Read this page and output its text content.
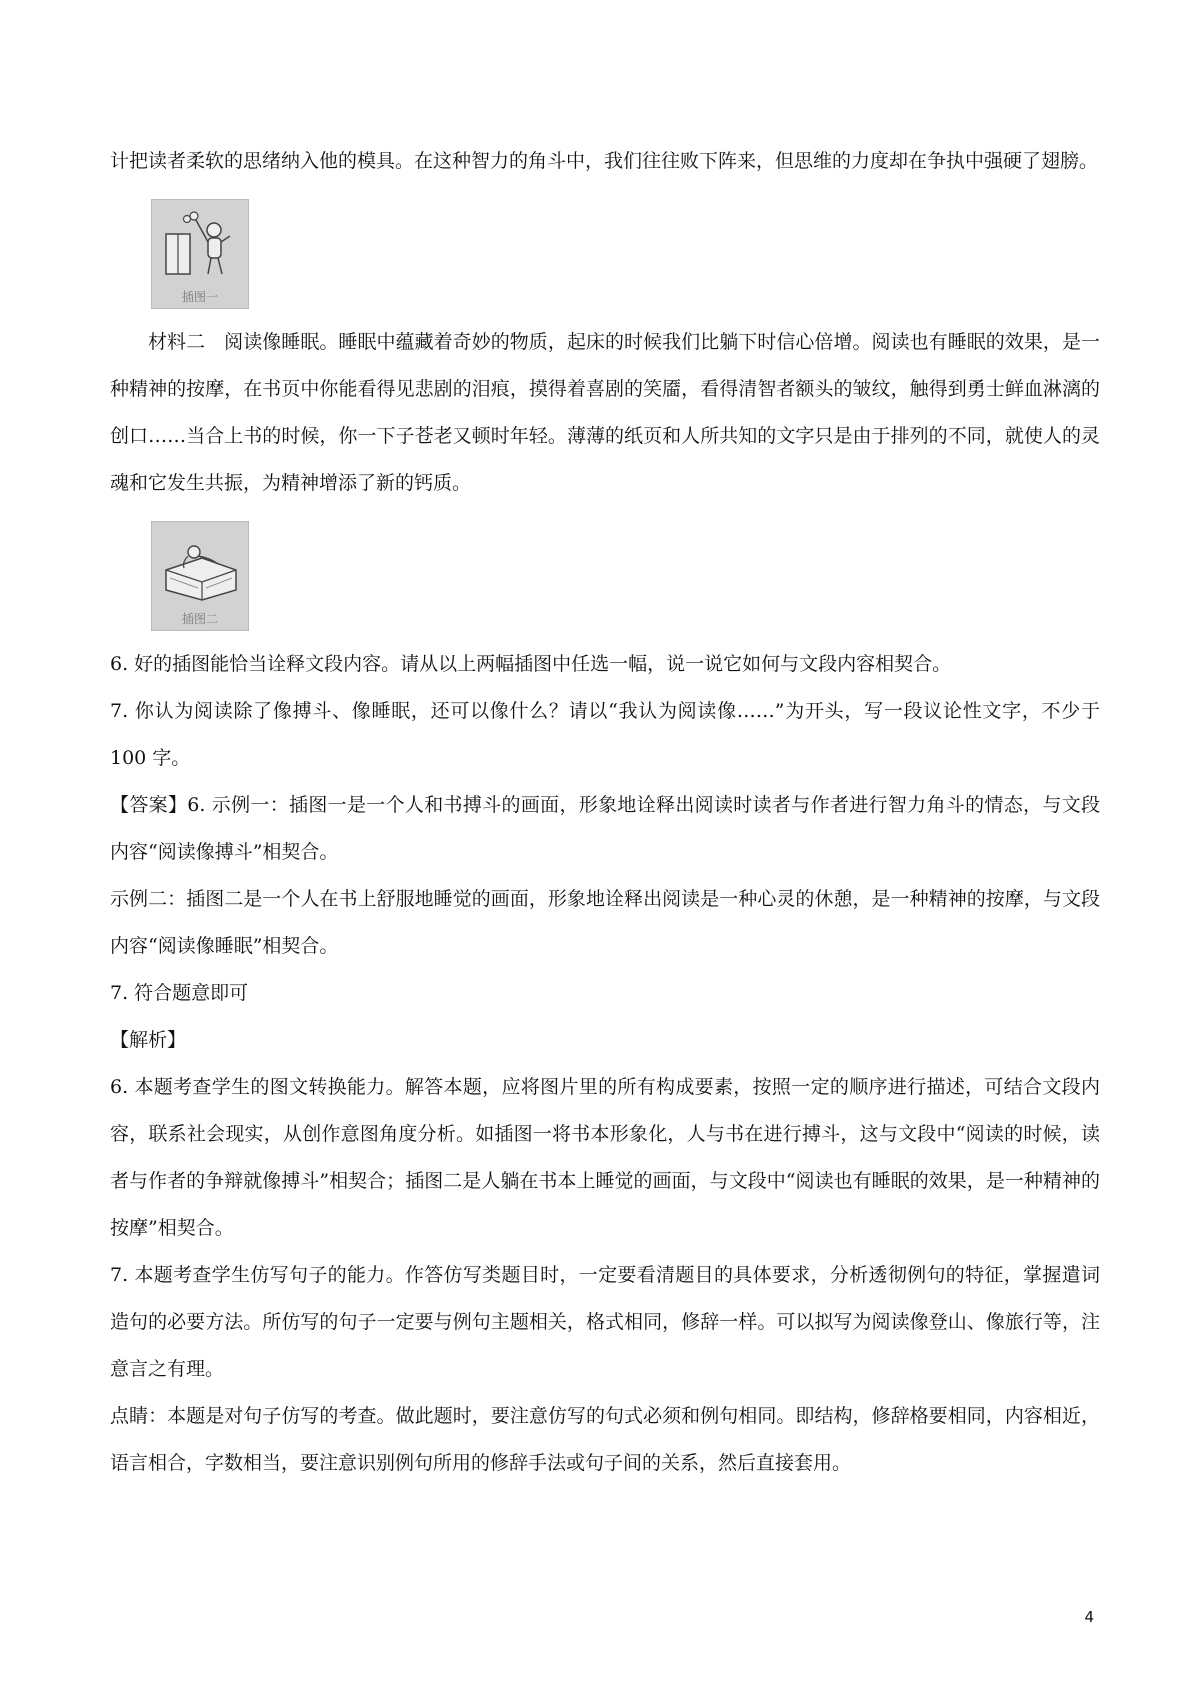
计把读者柔软的思绪纳入他的模具。在这种智力的角斗中，我们往往败下阵来，但思维的力度却在争执中强硬了翅膀。

插图一

材料二　阅读像睡眠。睡眠中蕴藏着奇妙的物质，起床的时候我们比躺下时信心倍增。阅读也有睡眠的效果，是一种精神的按摩，在书页中你能看得见悲剧的泪痕，摸得着喜剧的笑靥，看得清智者额头的皱纹，触得到勇士鲜血淋漓的创口……当合上书的时候，你一下子苍老又顿时年轻。薄薄的纸页和人所共知的文字只是由于排列的不同，就使人的灵魂和它发生共振，为精神增添了新的钙质。

插图二

6. 好的插图能恰当诠释文段内容。请从以上两幅插图中任选一幅，说一说它如何与文段内容相契合。

7. 你认为阅读除了像搏斗、像睡眠，还可以像什么？请以“我认为阅读像……”为开头，写一段议论性文字，不少于 100 字。

【答案】6. 示例一：插图一是一个人和书搏斗的画面，形象地诠释出阅读时读者与作者进行智力角斗的情态，与文段内容“阅读像搏斗”相契合。

示例二：插图二是一个人在书上舒服地睡觉的画面，形象地诠释出阅读是一种心灵的休憩，是一种精神的按摩，与文段内容“阅读像睡眠”相契合。

7. 符合题意即可

【解析】

6. 本题考查学生的图文转换能力。解答本题，应将图片里的所有构成要素，按照一定的顺序进行描述，可结合文段内容，联系社会现实，从创作意图角度分析。如插图一将书本形象化，人与书在进行搏斗，这与文段中“阅读的时候，读者与作者的争辩就像搏斗”相契合；插图二是人躺在书本上睡觉的画面，与文段中“阅读也有睡眠的效果，是一种精神的按摩”相契合。

7. 本题考查学生仿写句子的能力。作答仿写类题目时，一定要看清题目的具体要求，分析透彻例句的特征，掌握遣词造句的必要方法。所仿写的句子一定要与例句主题相关，格式相同，修辞一样。可以拟写为阅读像登山、像旅行等，注意言之有理。

点睛：本题是对句子仿写的考查。做此题时，要注意仿写的句式必须和例句相同。即结构，修辞格要相同，内容相近，语言相合，字数相当，要注意识别例句所用的修辞手法或句子间的关系，然后直接套用。

4
